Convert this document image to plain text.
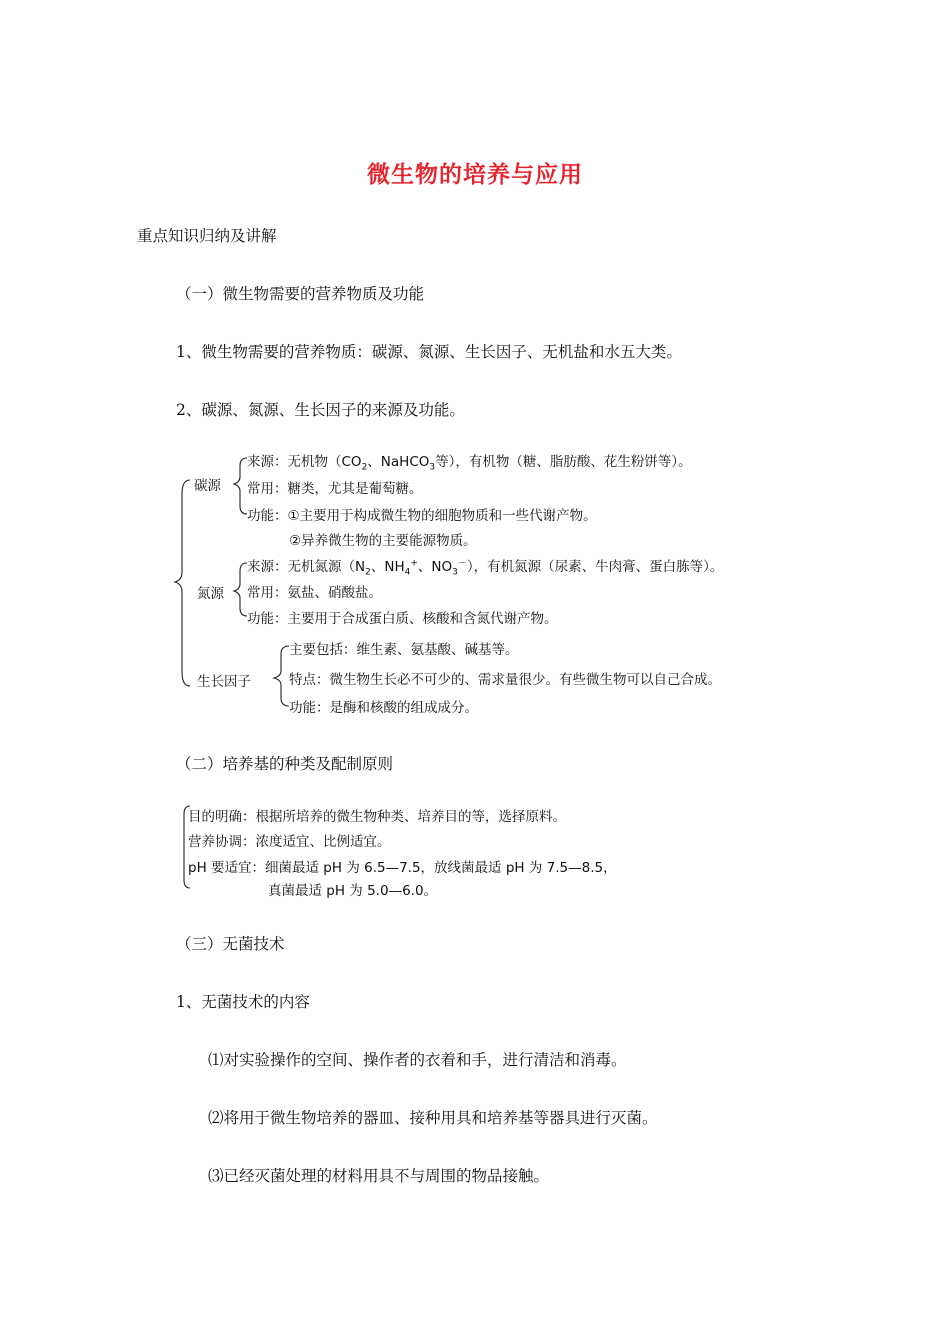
微生物的培养与应用
重点知识归纳及讲解
（一）微生物需要的营养物质及功能
1、微生物需要的营养物质：碳源、氮源、生长因子、无机盐和水五大类。
2、碳源、氮源、生长因子的来源及功能。
碳源
来源：无机物（$CO_2$、NaHCO$_3$等），有机物（糖、脂肪酸、花生粉饼等）。
常用：糖类，尤其是葡萄糖。
功能：①主要用于构成微生物的细胞物质和一些代谢产物。
②异养微生物的主要能源物质。
氮源
来源：无机氮源（$N_2$、$NH_4^+$、$NO_3^-$），有机氮源（尿素、牛肉膏、蛋白胨等）。
常用：氨盐、硝酸盐。
功能：主要用于合成蛋白质、核酸和含氮代谢产物。
生长因子
主要包括：维生素、氨基酸、碱基等。
特点：微生物生长必不可少的、需求量很少。有些微生物可以自己合成。
功能：是酶和核酸的组成成分。
（二）培养基的种类及配制原则
目的明确：根据所培养的微生物种类、培养目的等，选择原料。
营养协调：浓度适宜、比例适宜。
pH 要适宜：细菌最适 pH 为 6.5—7.5，放线菌最适 pH 为 7.5—8.5，
真菌最适 pH 为 5.0—6.0。
（三）无菌技术
1、无菌技术的内容
⑴对实验操作的空间、操作者的衣着和手，进行清洁和消毒。
⑵将用于微生物培养的器皿、接种用具和培养基等器具进行灭菌。
⑶已经灭菌处理的材料用具不与周围的物品接触。
